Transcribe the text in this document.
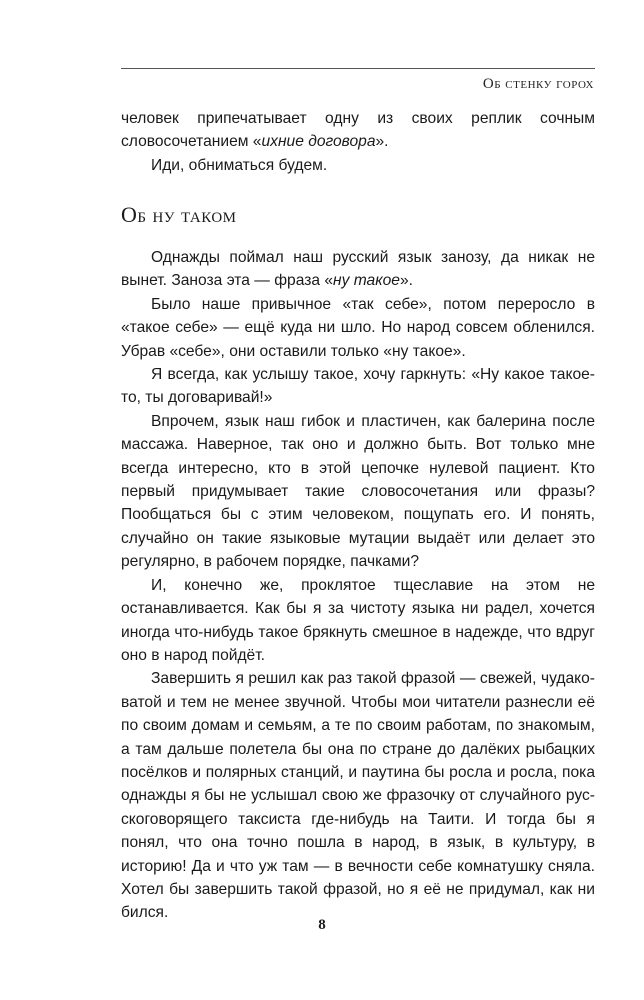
Об стенку горох

человек припечатывает одну из своих реплик сочным словосочетанием «ихние договора».

Иди, обниматься будем.

Об ну таком

Однажды поймал наш русский язык занозу, да никак не вынет. Заноза эта — фраза «ну такое».

Было наше привычное «так себе», потом переросло в «такое себе» — ещё куда ни шло. Но народ совсем обленился. Убрав «себе», они оставили только «ну такое».

Я всегда, как услышу такое, хочу гаркнуть: «Ну какое такое-то, ты договаривай!»

Впрочем, язык наш гибок и пластичен, как балерина после массажа. Наверное, так оно и должно быть. Вот только мне всегда интересно, кто в этой цепочке нулевой пациент. Кто первый придумывает такие словосочетания или фразы? Пообщаться бы с этим человеком, пощупать его. И понять, случайно он такие языковые мутации выдаёт или делает это регулярно, в рабочем порядке, пачками?

И, конечно же, проклятое тщеславие на этом не останавливается. Как бы я за чистоту языка ни радел, хочется иногда что-нибудь такое брякнуть смешное в надежде, что вдруг оно в народ пойдёт.

Завершить я решил как раз такой фразой — свежей, чудаковатой и тем не менее звучной. Чтобы мои читатели разнесли её по своим домам и семьям, а те по своим работам, по знакомым, а там дальше полетела бы она по стране до далёких рыбацких посёлков и полярных станций, и паутина бы росла и росла, пока однажды я бы не услышал свою же фразочку от случайного русскоговорящего таксиста где-нибудь на Таити. И тогда бы я понял, что она точно пошла в народ, в язык, в культуру, в историю! Да и что уж там — в вечности себе комнатушку сняла. Хотел бы завершить такой фразой, но я её не придумал, как ни бился.

8
